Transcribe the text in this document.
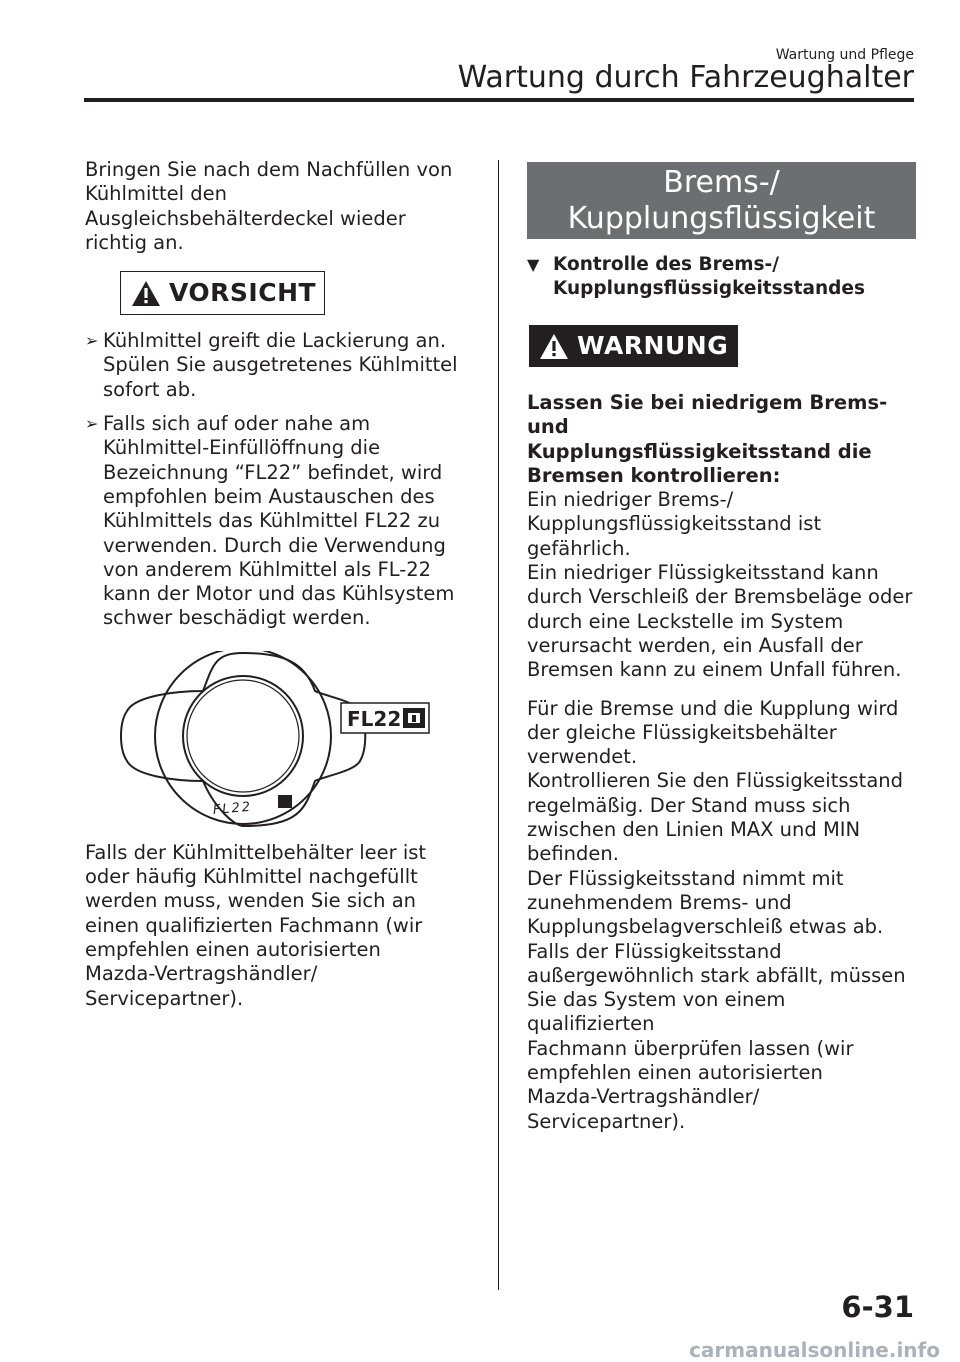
Wartung und Pflege
Wartung durch Fahrzeughalter

Bringen Sie nach dem Nachfüllen von
Kühlmittel den
Ausgleichsbehälterdeckel wieder
richtig an.

VORSICHT
➢ Kühlmittel greift die Lackierung an.
Spülen Sie ausgetretenes Kühlmittel
sofort ab.
➢ Falls sich auf oder nahe am
Kühlmittel-Einfüllöffnung die
Bezeichnung “FL22” befindet, wird
empfohlen beim Austauschen des
Kühlmittels das Kühlmittel FL22 zu
verwenden. Durch die Verwendung
von anderem Kühlmittel als FL-22
kann der Motor und das Kühlsystem
schwer beschädigt werden.
FL22
FL22

Falls der Kühlmittelbehälter leer ist
oder häufig Kühlmittel nachgefüllt
werden muss, wenden Sie sich an
einen qualifizierten Fachmann (wir
empfehlen einen autorisierten
Mazda-Vertragshändler/
Servicepartner).

Brems-/
Kupplungsflüssigkeit
▼ Kontrolle des Brems-/
Kupplungsflüssigkeitsstandes
WARNUNG

Lassen Sie bei niedrigem Brems- und
Kupplungsflüssigkeitsstand die
Bremsen kontrollieren:

Ein niedriger Brems-/
Kupplungsflüssigkeitsstand ist
gefährlich.
Ein niedriger Flüssigkeitsstand kann
durch Verschleiß der Bremsbeläge oder
durch eine Leckstelle im System
verursacht werden, ein Ausfall der
Bremsen kann zu einem Unfall führen.

Für die Bremse und die Kupplung wird
der gleiche Flüssigkeitsbehälter
verwendet.
Kontrollieren Sie den Flüssigkeitsstand
regelmäßig. Der Stand muss sich
zwischen den Linien MAX und MIN
befinden.
Der Flüssigkeitsstand nimmt mit
zunehmendem Brems- und
Kupplungsbelagverschleiß etwas ab.
Falls der Flüssigkeitsstand
außergewöhnlich stark abfällt, müssen
Sie das System von einem qualifizierten
Fachmann überprüfen lassen (wir
empfehlen einen autorisierten
Mazda-Vertragshändler/
Servicepartner).

6-31
carmanualsonline.info
